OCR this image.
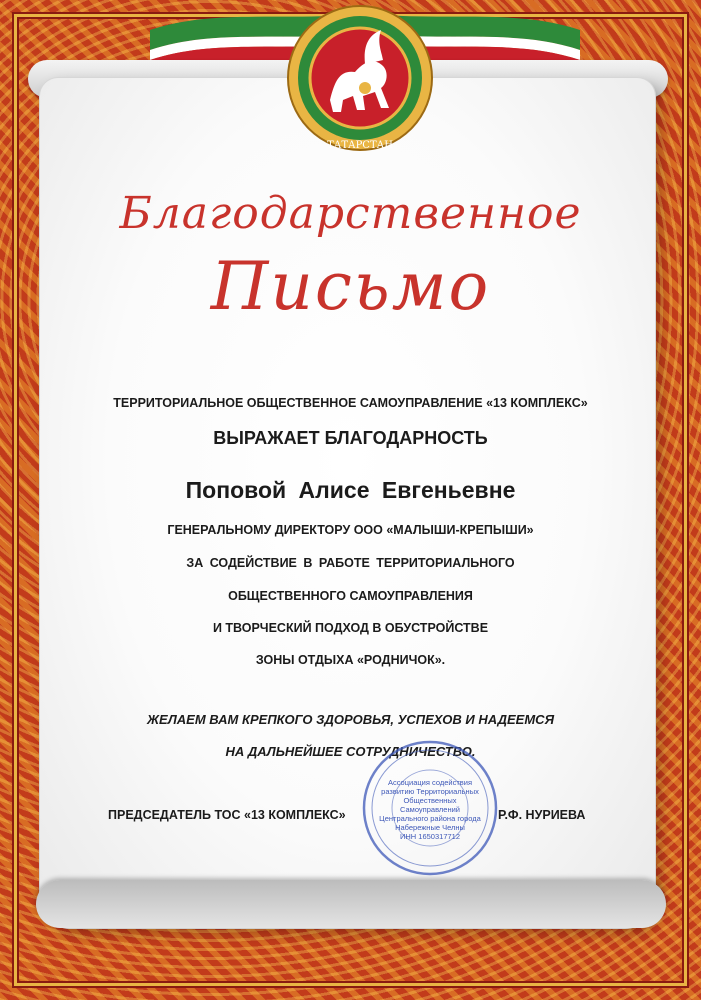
ТАТАРСТАН
Благодарственное
Письмо
ТЕРРИТОРИАЛЬНОЕ ОБЩЕСТВЕННОЕ САМОУПРАВЛЕНИЕ «13 КОМПЛЕКС»
ВЫРАЖАЕТ БЛАГОДАРНОСТЬ
Поповой Алисе Евгеньевне
ГЕНЕРАЛЬНОМУ ДИРЕКТОРУ ООО «МАЛЫШИ-КРЕПЫШИ»
ЗА СОДЕЙСТВИЕ В РАБОТЕ ТЕРРИТОРИАЛЬНОГО
ОБЩЕСТВЕННОГО САМОУПРАВЛЕНИЯ
И ТВОРЧЕСКИЙ ПОДХОД В ОБУСТРОЙСТВЕ
ЗОНЫ ОТДЫХА «РОДНИЧОК».
ЖЕЛАЕМ ВАМ КРЕПКОГО ЗДОРОВЬЯ, УСПЕХОВ И НАДЕЕМСЯ
НА ДАЛЬНЕЙШЕЕ СОТРУДНИЧЕСТВО.
Ассоциация содействия развитию Территориальных Общественных Самоуправлений Центрального района города Набережные Челны
ИНН 1650317712
ПРЕДСЕДАТЕЛЬ ТОС «13 КОМПЛЕКС»	Р.Ф. НУРИЕВА
